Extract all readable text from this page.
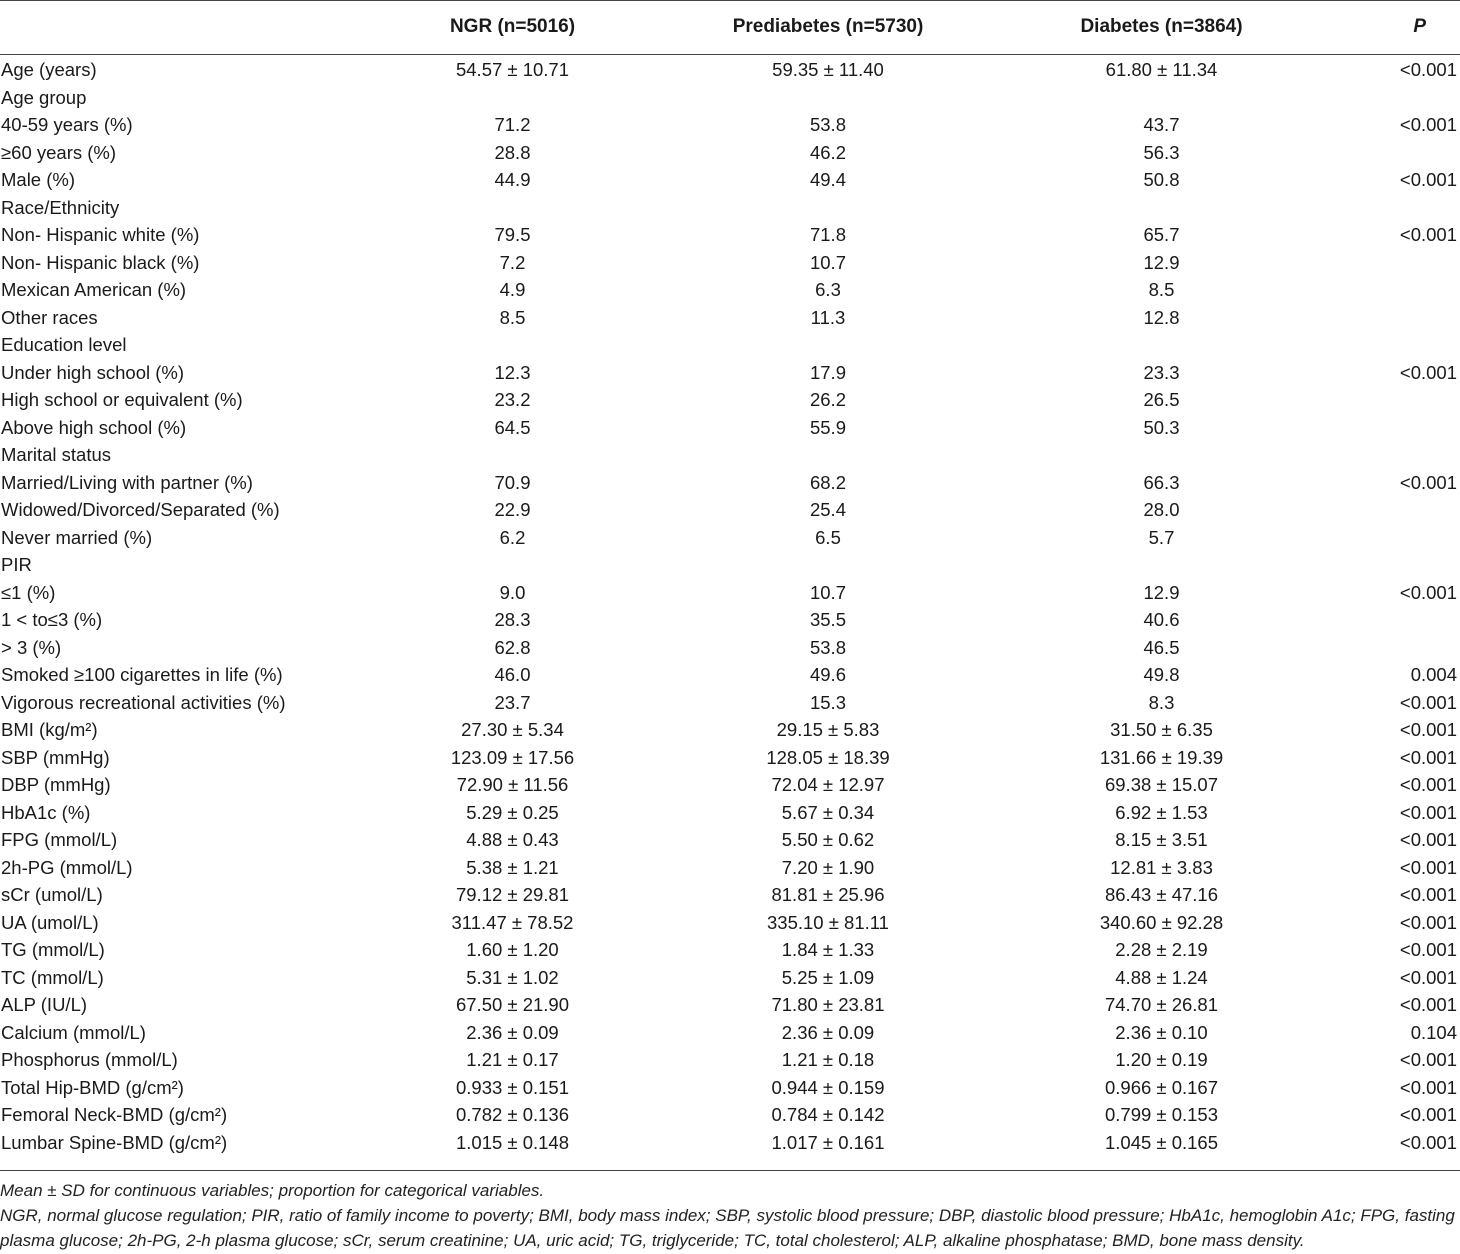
	NGR (n=5016)	Prediabetes (n=5730)	Diabetes (n=3864)	P

Age (years)	54.57 ± 10.71	59.35 ± 11.40	61.80 ± 11.34	<0.001
Age group				
40-59 years (%)	71.2	53.8	43.7	<0.001
≥60 years (%)	28.8	46.2	56.3	
Male (%)	44.9	49.4	50.8	<0.001
Race/Ethnicity				
Non- Hispanic white (%)	79.5	71.8	65.7	<0.001
Non- Hispanic black (%)	7.2	10.7	12.9	
Mexican American (%)	4.9	6.3	8.5	
Other races	8.5	11.3	12.8	
Education level				
Under high school (%)	12.3	17.9	23.3	<0.001
High school or equivalent (%)	23.2	26.2	26.5	
Above high school (%)	64.5	55.9	50.3	
Marital status				
Married/Living with partner (%)	70.9	68.2	66.3	<0.001
Widowed/Divorced/Separated (%)	22.9	25.4	28.0	
Never married (%)	6.2	6.5	5.7	
PIR				
≤1 (%)	9.0	10.7	12.9	<0.001
1 < to≤3 (%)	28.3	35.5	40.6	
> 3 (%)	62.8	53.8	46.5	
Smoked ≥100 cigarettes in life (%)	46.0	49.6	49.8	0.004
Vigorous recreational activities (%)	23.7	15.3	8.3	<0.001
BMI (kg/m²)	27.30 ± 5.34	29.15 ± 5.83	31.50 ± 6.35	<0.001
SBP (mmHg)	123.09 ± 17.56	128.05 ± 18.39	131.66 ± 19.39	<0.001
DBP (mmHg)	72.90 ± 11.56	72.04 ± 12.97	69.38 ± 15.07	<0.001
HbA1c (%)	5.29 ± 0.25	5.67 ± 0.34	6.92 ± 1.53	<0.001
FPG (mmol/L)	4.88 ± 0.43	5.50 ± 0.62	8.15 ± 3.51	<0.001
2h-PG (mmol/L)	5.38 ± 1.21	7.20 ± 1.90	12.81 ± 3.83	<0.001
sCr (umol/L)	79.12 ± 29.81	81.81 ± 25.96	86.43 ± 47.16	<0.001
UA (umol/L)	311.47 ± 78.52	335.10 ± 81.11	340.60 ± 92.28	<0.001
TG (mmol/L)	1.60 ± 1.20	1.84 ± 1.33	2.28 ± 2.19	<0.001
TC (mmol/L)	5.31 ± 1.02	5.25 ± 1.09	4.88 ± 1.24	<0.001
ALP (IU/L)	67.50 ± 21.90	71.80 ± 23.81	74.70 ± 26.81	<0.001
Calcium (mmol/L)	2.36 ± 0.09	2.36 ± 0.09	2.36 ± 0.10	0.104
Phosphorus (mmol/L)	1.21 ± 0.17	1.21 ± 0.18	1.20 ± 0.19	<0.001
Total Hip-BMD (g/cm²)	0.933 ± 0.151	0.944 ± 0.159	0.966 ± 0.167	<0.001
Femoral Neck-BMD (g/cm²)	0.782 ± 0.136	0.784 ± 0.142	0.799 ± 0.153	<0.001
Lumbar Spine-BMD (g/cm²)	1.015 ± 0.148	1.017 ± 0.161	1.045 ± 0.165	<0.001

Mean ± SD for continuous variables; proportion for categorical variables.

NGR, normal glucose regulation; PIR, ratio of family income to poverty; BMI, body mass index; SBP, systolic blood pressure; DBP, diastolic blood pressure; HbA1c, hemoglobin A1c; FPG, fasting plasma glucose; 2h-PG, 2-h plasma glucose; sCr, serum creatinine; UA, uric acid; TG, triglyceride; TC, total cholesterol; ALP, alkaline phosphatase; BMD, bone mass density.
